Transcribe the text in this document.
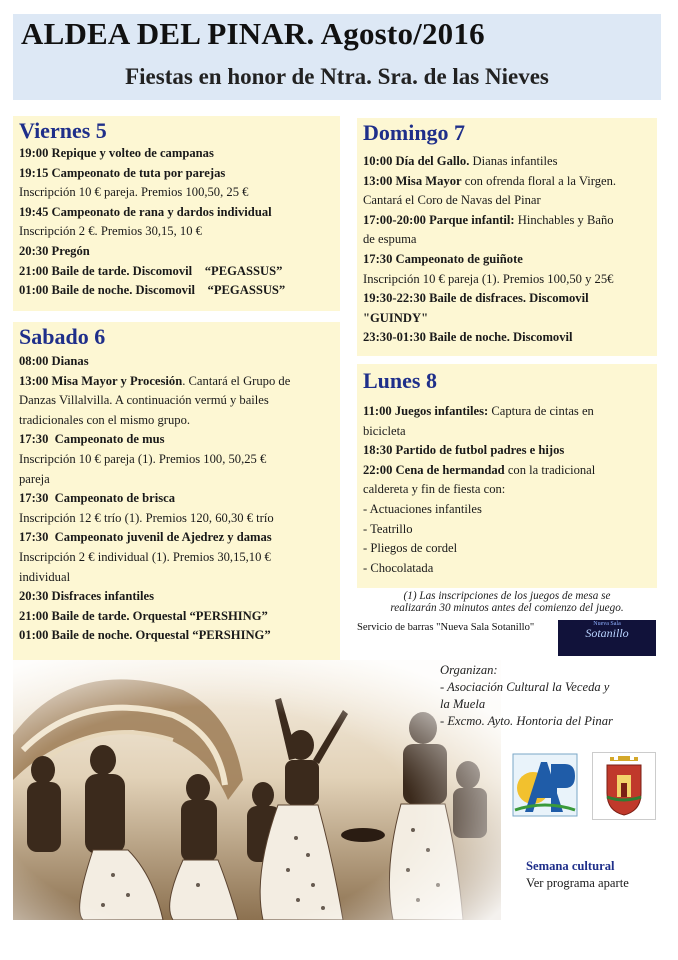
ALDEA DEL PINAR. Agosto/2016
Fiestas en honor de Ntra. Sra. de las Nieves
Viernes 5
19:00 Repique y volteo de campanas
19:15 Campeonato de tuta por parejas
Inscripción 10 € pareja. Premios 100,50, 25 €
19:45 Campeonato de rana y dardos individual
Inscripción 2 €. Premios 30,15, 10 €
20:30 Pregón
21:00 Baile de tarde. Discomovil    “PEGASSUS”
01:00 Baile de noche. Discomovil    “PEGASSUS”
Sabado 6
08:00 Dianas
13:00 Misa Mayor y Procesión. Cantará el Grupo de
Danzas Villalvilla. A continuación vermú y bailes
tradicionales con el mismo grupo.
17:30  Campeonato de mus
Inscripción 10 € pareja (1). Premios 100, 50,25 €
pareja
17:30  Campeonato de brisca
Inscripción 12 € trío (1). Premios 120, 60,30 € trío
17:30  Campeonato juvenil de Ajedrez y damas
Inscripción 2 € individual (1). Premios 30,15,10 €
individual
20:30 Disfraces infantiles
21:00 Baile de tarde. Orquestal “PERSHING”
01:00 Baile de noche. Orquestal “PERSHING”
Domingo 7
10:00 Día del Gallo. Dianas infantiles
13:00 Misa Mayor con ofrenda floral a la Virgen.
Cantará el Coro de Navas del Pinar
17:00-20:00 Parque infantil: Hinchables y Baño
de espuma
17:30 Campeonato de guiñote
Inscripción 10 € pareja (1). Premios 100,50 y 25€
19:30-22:30 Baile de disfraces. Discomovil
"GUINDY"
23:30-01:30 Baile de noche. Discomovil
Lunes 8
11:00 Juegos infantiles: Captura de cintas en
bicicleta
18:30 Partido de futbol padres e hijos
22:00 Cena de hermandad con la tradicional
caldereta y fin de fiesta con:
- Actuaciones infantiles
- Teatrillo
- Pliegos de cordel
- Chocolatada
(1) Las inscripciones de los juegos de mesa se
realizarán 30 minutos antes del comienzo del juego.
Servicio de barras "Nueva Sala Sotanillo"	Nueva Sala
Sotanillo
Organizan:
- Asociación Cultural la Veceda y
la Muela
- Excmo. Ayto. Hontoria del Pinar
Semana cultural
Ver programa aparte
